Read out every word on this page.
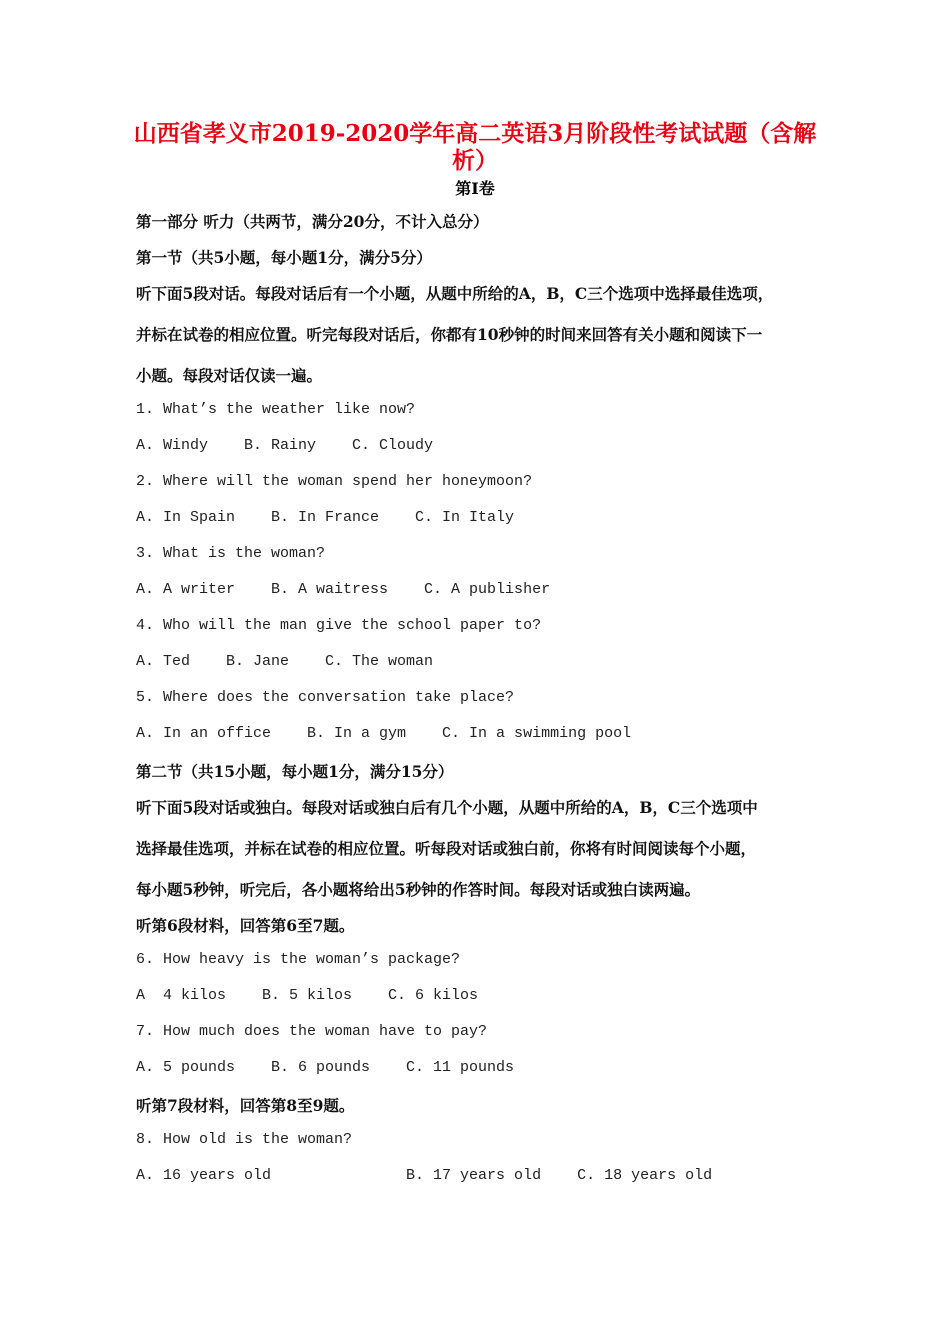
山西省孝义市2019-2020学年高二英语3月阶段性考试试题（含解析）
第Ⅰ卷
第一部分 听力（共两节，满分20分，不计入总分）
第一节（共5小题，每小题1分，满分5分）
听下面5段对话。每段对话后有一个小题，从题中所给的A，B，C三个选项中选择最佳选项，
并标在试卷的相应位置。听完每段对话后，你都有10秒钟的时间来回答有关小题和阅读下一
小题。每段对话仅读一遍。
1. What’s the weather like now?
A. Windy    B. Rainy    C. Cloudy
2. Where will the woman spend her honeymoon?
A. In Spain    B. In France    C. In Italy
3. What is the woman?
A. A writer    B. A waitress    C. A publisher
4. Who will the man give the school paper to?
A. Ted    B. Jane    C. The woman
5. Where does the conversation take place?
A. In an office    B. In a gym    C. In a swimming pool
第二节（共15小题，每小题1分，满分15分）
听下面5段对话或独白。每段对话或独白后有几个小题，从题中所给的A，B，C三个选项中
选择最佳选项，并标在试卷的相应位置。听每段对话或独白前，你将有时间阅读每个小题，
每小题5秒钟，听完后，各小题将给出5秒钟的作答时间。每段对话或独白读两遍。
听第6段材料，回答第6至7题。
6. How heavy is the woman’s package?
A  4 kilos    B. 5 kilos    C. 6 kilos
7. How much does the woman have to pay?
A. 5 pounds    B. 6 pounds    C. 11 pounds
听第7段材料，回答第8至9题。
8. How old is the woman?
A. 16 years old               B. 17 years old    C. 18 years old
